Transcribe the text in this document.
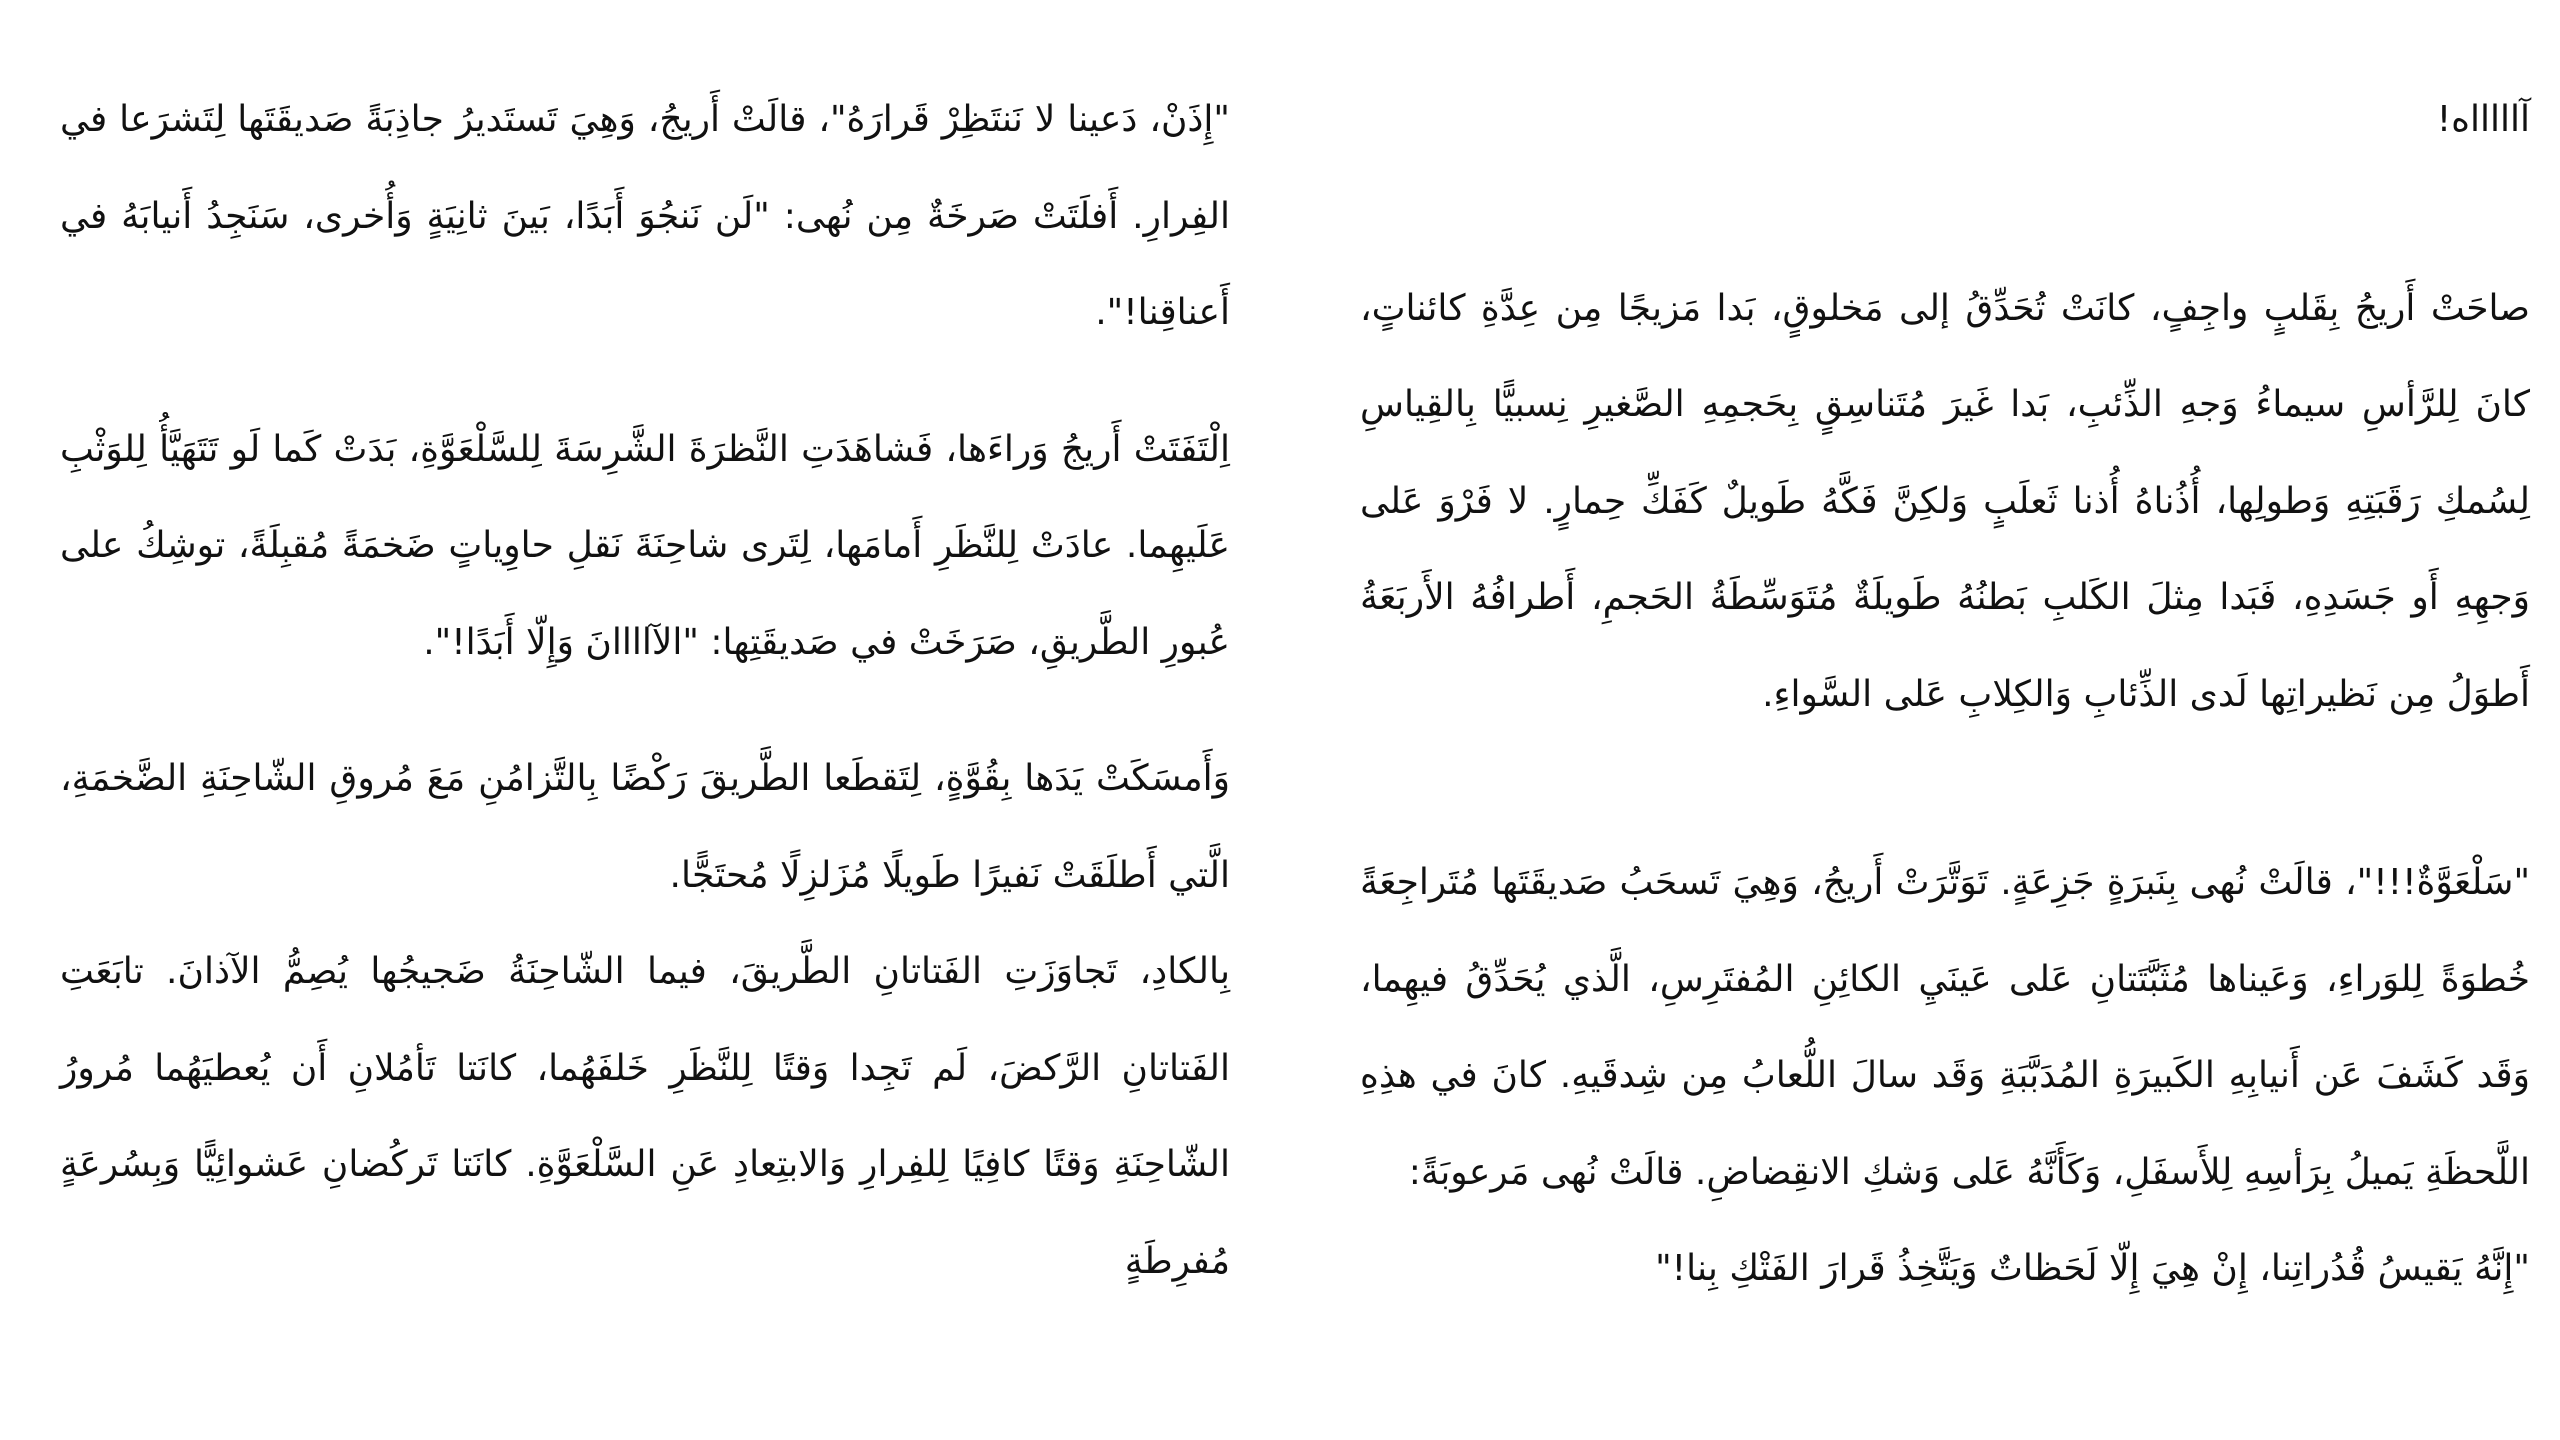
آاااااه!

صاحَتْ أَريجُ بِقَلبٍ واجِفٍ، كانَتْ تُحَدِّقُ إلى مَخلوقٍ، بَدا مَزيجًا مِن عِدَّةِ كائناتٍ، كانَ لِلرَّأسِ سيماءُ وَجهِ الذِّئبِ، بَدا غَيرَ مُتَناسِقٍ بِحَجمِهِ الصَّغيرِ نِسبيًّا بِالقِياسِ لِسُمكِ رَقَبَتِهِ وَطولِها، أُذُناهُ أُذنا ثَعلَبٍ وَلكِنَّ فَكَّهُ طَويلٌ كَفَكِّ حِمارٍ. لا فَرْوَ عَلى وَجهِهِ أَو جَسَدِهِ، فَبَدا مِثلَ الكَلبِ بَطنُهُ طَويلَةٌ مُتَوَسِّطَةُ الحَجمِ، أَطرافُهُ الأَربَعَةُ أَطوَلُ مِن نَظيراتِها لَدى الذِّئابِ وَالكِلابِ عَلى السَّواءِ.

"سَلْعَوَّةٌ!!!"، قالَتْ نُهى بِنَبرَةٍ جَزِعَةٍ. تَوَتَّرَتْ أَريجُ، وَهِيَ تَسحَبُ صَديقَتَها مُتَراجِعَةً خُطوَةً لِلوَراءِ، وَعَيناها مُثَبَّتَتانِ عَلى عَينَيِ الكائِنِ المُفتَرِسِ، الَّذي يُحَدِّقُ فيهِما، وَقَد كَشَفَ عَن أَنيابِهِ الكَبيرَةِ المُدَبَّبَةِ وَقَد سالَ اللُّعابُ مِن شِدقَيهِ. كانَ في هذِهِ اللَّحظَةِ يَميلُ بِرَأسِهِ لِلأَسفَلِ، وَكَأَنَّهُ عَلى وَشكِ الانقِضاضِ. قالَتْ نُهى مَرعوبَةً:

"إِنَّهُ يَقيسُ قُدُراتِنا، إِنْ هِيَ إِلّا لَحَظاتٌ وَيَتَّخِذُ قَرارَ الفَتْكِ بِنا!"

"إِذَنْ، دَعينا لا نَنتَظِرْ قَرارَهُ"، قالَتْ أَريجُ، وَهِيَ تَستَديرُ جاذِبَةً صَديقَتَها لِتَشرَعا في الفِرارِ. أَفلَتَتْ صَرخَةٌ مِن نُهى: "لَن نَنجُوَ أَبَدًا، بَينَ ثانِيَةٍ وَأُخرى، سَنَجِدُ أَنيابَهُ في أَعناقِنا!".

اِلْتَفَتَتْ أَريجُ وَراءَها، فَشاهَدَتِ النَّظرَةَ الشَّرِسَةَ لِلسَّلْعَوَّةِ، بَدَتْ كَما لَو تَتَهَيَّأُ لِلوَثْبِ عَلَيهِما. عادَتْ لِلنَّظَرِ أَمامَها، لِتَرى شاحِنَةَ نَقلِ حاوِياتٍ ضَخمَةً مُقبِلَةً، توشِكُ على عُبورِ الطَّريقِ، صَرَخَتْ في صَديقَتِها: "الآاااانَ وَإِلّا أَبَدًا!".

وَأَمسَكَتْ يَدَها بِقُوَّةٍ، لِتَقطَعا الطَّريقَ رَكْضًا بِالتَّزامُنِ مَعَ مُروقِ الشّاحِنَةِ الضَّخمَةِ، الَّتي أَطلَقَتْ نَفيرًا طَويلًا مُزَلزِلًا مُحتَجًّا.

بِالكادِ، تَجاوَزَتِ الفَتاتانِ الطَّريقَ، فيما الشّاحِنَةُ ضَجيجُها يُصِمُّ الآذانَ. تابَعَتِ الفَتاتانِ الرَّكضَ، لَم تَجِدا وَقتًا لِلنَّظَرِ خَلفَهُما، كانَتا تَأمُلانِ أَن يُعطيَهُما مُرورُ الشّاحِنَةِ وَقتًا كافِيًا لِلفِرارِ وَالابتِعادِ عَنِ السَّلْعَوَّةِ. كانَتا تَركُضانِ عَشوائِيًّا وَبِسُرعَةٍ مُفرِطَةٍ
